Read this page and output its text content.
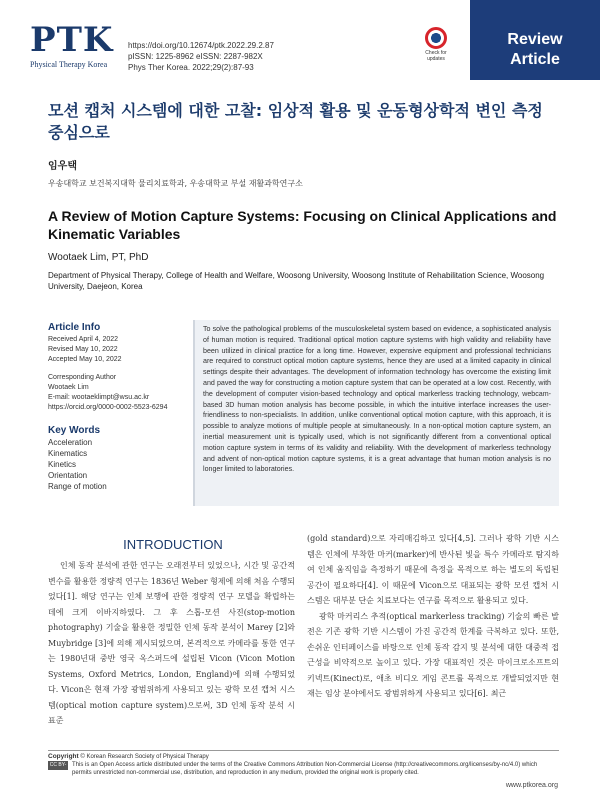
PTK
Physical Therapy Korea
https://doi.org/10.12674/ptk.2022.29.2.87
pISSN: 1225-8962 eISSN: 2287-982X
Phys Ther Korea. 2022;29(2):87-93
Check for updates
Review
Article
모션 캡처 시스템에 대한 고찰: 임상적 활용 및 운동형상학적 변인 측정 중심으로
임우택
우송대학교 보건복지대학 물리치료학과, 우송대학교 부설 재활과학연구소
A Review of Motion Capture Systems: Focusing on Clinical Applications and Kinematic Variables
Wootaek Lim, PT, PhD
Department of Physical Therapy, College of Health and Welfare, Woosong University, Woosong Institute of Rehabilitation Science, Woosong University, Daejeon, Korea
Article Info
Received April 4, 2022
Revised May 10, 2022
Accepted May 10, 2022
Corresponding Author
Wootaek Lim
E-mail: wootaeklimpt@wsu.ac.kr
https://orcid.org/0000-0002-5523-6294
Key Words
Acceleration
Kinematics
Kinetics
Orientation
Range of motion
To solve the pathological problems of the musculoskeletal system based on evidence, a sophisticated analysis of human motion is required. Traditional optical motion capture systems with high validity and reliability have been utilized in clinical practice for a long time. However, expensive equipment and professional technicians are required to construct optical motion capture systems, hence they are used at a limited capacity in clinical settings despite their advantages. The development of information technology has overcome the existing limit and paved the way for constructing a motion capture system that can be operated at a low cost. Recently, with the development of computer vision-based technology and optical markerless tracking technology, webcam-based 3D human motion analysis has become possible, in which the intuitive interface increases the user-friendliness to non-specialists. In addition, unlike conventional optical motion capture, with this approach, it is possible to analyze motions of multiple people at simultaneously. In a non-optical motion capture system, an inertial measurement unit is typically used, which is not significantly different from a conventional optical motion capture system in terms of its validity and reliability. With the development of markerless technology and advent of non-optical motion capture systems, it is a great advantage that human motion analysis is no longer limited to laboratories.
INTRODUCTION
인체 동작 분석에 관한 연구는 오래전부터 있었으나, 시간 및 공간적 변수를 활용한 정량적 연구는 1836년 Weber 형제에 의해 처음 수행되었다[1]. 해당 연구는 인체 보행에 관한 정량적 연구 모델을 확립하는 데에 크게 이바지하였다. 그 후 스톱-모션 사진(stop-motion photography) 기술을 활용한 정밀한 인체 동작 분석이 Marey [2]와 Muybridge [3]에 의해 제시되었으며, 본격적으로 카메라를 통한 연구는 1980년대 중반 영국 옥스퍼드에 설립된 Vicon (Vicon Motion Systems, Oxford Metrics, London, England)에 의해 수행되었다. Vicon은 현재 가장 광범위하게 사용되고 있는 광학 모션 캡처 시스템(optical motion capture system)으로써, 3D 인체 동작 분석 시 표준

(gold standard)으로 자리매김하고 있다[4,5]. 그러나 광학 기반 시스템은 인체에 부착한 마커(marker)에 반사된 빛을 특수 카메라로 탐지하여 인체 움직임을 측정하기 때문에 측정을 목적으로 하는 별도의 독립된 공간이 필요하다[4]. 이 때문에 Vicon으로 대표되는 광학 모션 캡처 시스템은 대부분 단순 치료보다는 연구를 목적으로 활용되고 있다.

광학 마커리스 추적(optical markerless tracking) 기술의 빠른 발전은 기존 광학 기반 시스템이 가진 공간적 한계를 극복하고 있다. 또한, 손쉬운 인터페이스를 바탕으로 인체 동작 감지 및 분석에 대한 대중적 접근성을 비약적으로 높이고 있다. 가장 대표적인 것은 마이크로소프트의 키넥트(Kinect)로, 애초 비디오 게임 콘트롤 목적으로 개발되었지만 현재는 임상 분야에서도 광범위하게 사용되고 있다[6]. 최근

Copyright © Korean Research Society of Physical Therapy
CC BY-NCThis is an Open Access article distributed under the terms of the Creative Commons Attribution Non-Commercial License (http://creativecommons.org/licenses/by-nc/4.0) which permits unrestricted non-commercial use, distribution, and reproduction in any medium, provided the original work is properly cited.
www.ptkorea.org
